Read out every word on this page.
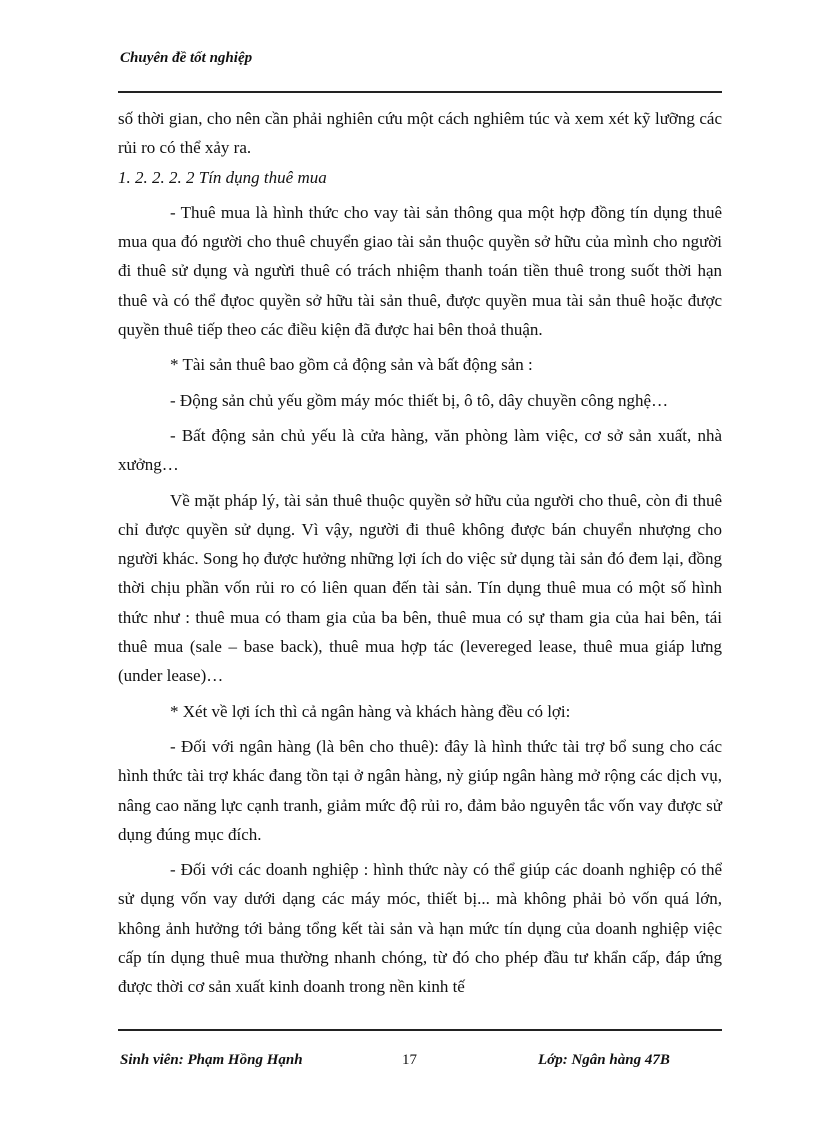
Chuyên đề tốt nghiệp

số thời gian, cho nên cần phải nghiên cứu một cách nghiêm túc và xem xét kỹ lưỡng các rủi ro có thể xảy ra.

1. 2. 2. 2. 2 Tín dụng thuê mua

- Thuê mua là hình thức cho vay tài sản thông qua một hợp đồng tín dụng thuê mua qua đó người cho thuê chuyển giao tài sản thuộc quyền sở hữu của mình cho người đi thuê sử dụng và ngưừi thuê có trách nhiệm thanh toán tiền thuê trong suốt thời hạn thuê và có thể đựoc quyền sở hữu tài sản thuê, được quyền mua tài sản thuê hoặc được quyền thuê tiếp theo các điều kiện đã được hai bên thoả thuận.

* Tài sản thuê bao gồm cả động sản và bất động sản :

- Động sản chủ yếu gồm máy móc thiết bị, ô tô, dây chuyền công nghệ…

- Bất động sản chủ yếu là cửa hàng, văn phòng làm việc, cơ sở sản xuất, nhà xưởng…

Về mặt pháp lý, tài sản thuê thuộc quyền sở hữu của người cho thuê, còn đi thuê chỉ được quyền sử dụng. Vì vậy, người đi thuê không được bán chuyển nhượng cho người khác. Song họ được hưởng những lợi ích do việc sử dụng tài sản đó đem lại, đồng thời chịu phần vốn rủi ro có liên quan đến tài sản. Tín dụng thuê mua có một số hình thức như : thuê mua có tham gia của ba bên, thuê mua có sự tham gia của hai bên, tái thuê mua (sale – base back), thuê mua hợp tác (levereged lease, thuê mua giáp lưng (under lease)…

* Xét về lợi ích thì cả ngân hàng và khách hàng đều có lợi:

- Đối với ngân hàng (là bên cho thuê): đây là hình thức tài trợ bổ sung cho các hình thức tài trợ khác đang tồn tại ở ngân hàng, nỳ giúp ngân hàng mở rộng các dịch vụ, nâng cao năng lực cạnh tranh, giảm mức độ rủi ro, đảm bảo nguyên tắc vốn vay được sử dụng đúng mục đích.

- Đối với các doanh nghiệp : hình thức này có thể giúp các doanh nghiệp có thể sử dụng vốn vay dưới dạng các máy móc, thiết bị... mà không phải bỏ vốn quá lớn, không ảnh hưởng tới bảng tổng kết tài sản và hạn mức tín dụng của doanh nghiệp việc cấp tín dụng thuê mua thường nhanh chóng, từ đó cho phép đầu tư khẩn cấp, đáp ứng được thời cơ sản xuất kinh doanh trong nền kinh tế

Sinh viên: Phạm Hồng Hạnh	17	Lớp: Ngân hàng 47B
